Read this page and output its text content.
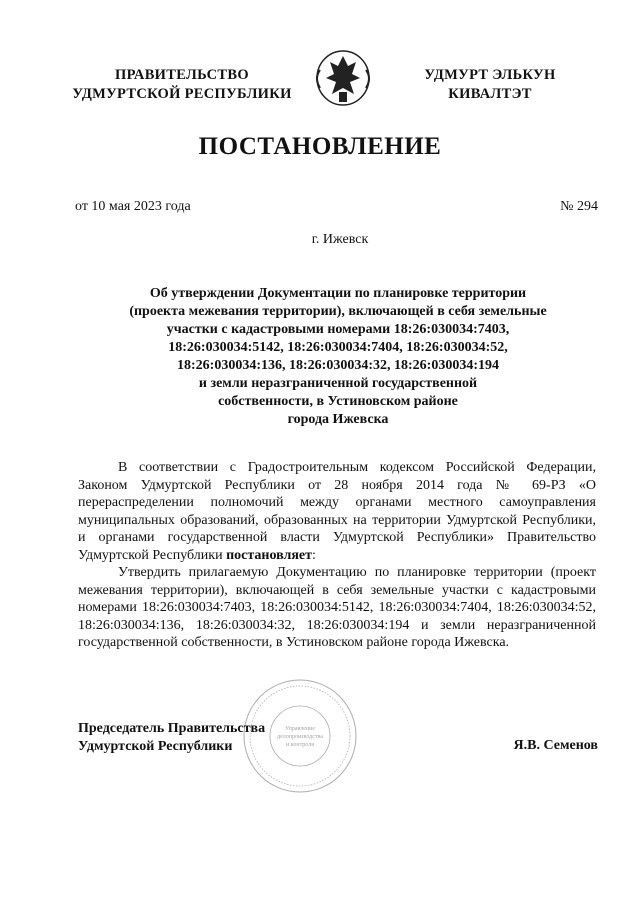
ПРАВИТЕЛЬСТВО
УДМУРТСКОЙ РЕСПУБЛИКИ
УДМУРТ ЭЛЬКУН
КИВАЛТЭТ
ПОСТАНОВЛЕНИЕ
от 10 мая 2023 года	№ 294
г. Ижевск
Об утверждении Документации по планировке территории
(проекта межевания территории), включающей в себя земельные
участки с кадастровыми номерами 18:26:030034:7403,
18:26:030034:5142, 18:26:030034:7404, 18:26:030034:52,
18:26:030034:136, 18:26:030034:32, 18:26:030034:194
и земли неразграниченной государственной
собственности, в Устиновском районе
города Ижевска

В соответствии с Градостроительным кодексом Российской Федерации, Законом Удмуртской Республики от 28 ноября 2014 года № 69-РЗ «О перераспределении полномочий между органами местного самоуправления муниципальных образований, образованных на территории Удмуртской Республики, и органами государственной власти Удмуртской Республики» Правительство Удмуртской Республики постановляет:

Утвердить прилагаемую Документацию по планировке территории (проект межевания территории), включающей в себя земельные участки с кадастровыми номерами 18:26:030034:7403, 18:26:030034:5142, 18:26:030034:7404, 18:26:030034:52, 18:26:030034:136, 18:26:030034:32, 18:26:030034:194 и земли неразграниченной государственной собственности, в Устиновском районе города Ижевска.

Управление
делопроизводства
и контроля
Председатель Правительства
Удмуртской Республики	Я.В. Семенов
